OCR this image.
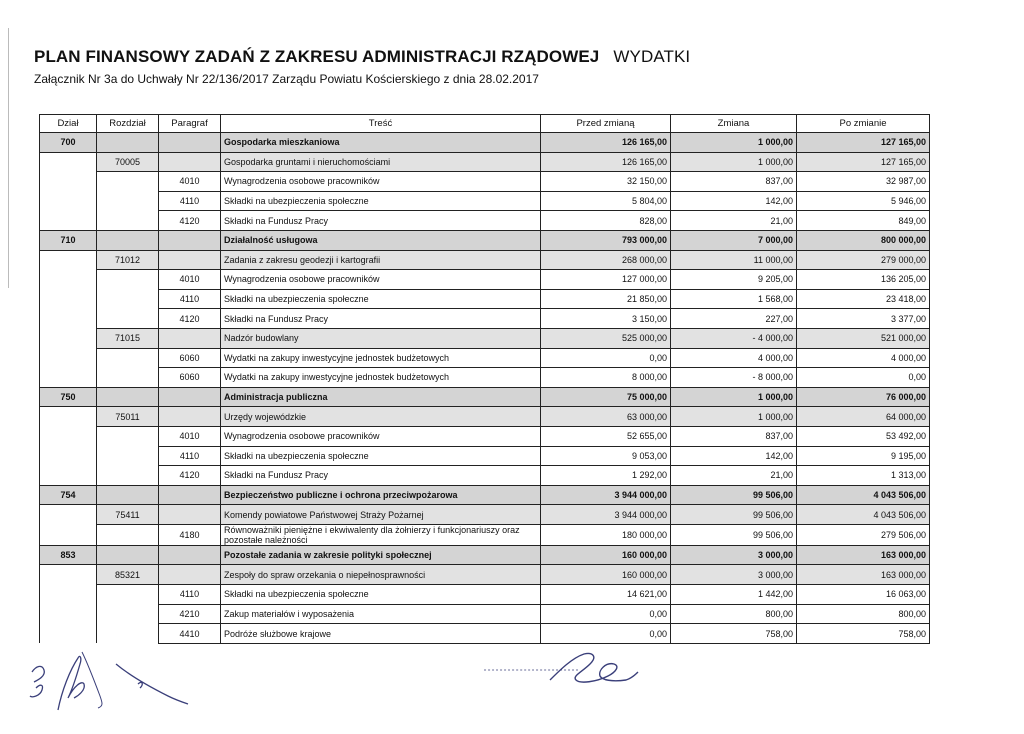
PLAN FINANSOWY ZADAŃ Z ZAKRESU ADMINISTRACJI RZĄDOWEJ WYDATKI
Załącznik Nr 3a do Uchwały Nr 22/136/2017 Zarządu Powiatu Kościerskiego z dnia 28.02.2017
Dział	Rozdział	Paragraf	Treść	Przed zmianą	Zmiana	Po zmianie
700			Gospodarka mieszkaniowa	126 165,00	1 000,00	127 165,00
	70005		Gospodarka gruntami i nieruchomościami	126 165,00	1 000,00	127 165,00
		4010	Wynagrodzenia osobowe pracowników	32 150,00	837,00	32 987,00
		4110	Składki na ubezpieczenia społeczne	5 804,00	142,00	5 946,00
		4120	Składki na Fundusz Pracy	828,00	21,00	849,00
710			Działalność usługowa	793 000,00	7 000,00	800 000,00
	71012		Zadania z zakresu geodezji i kartografii	268 000,00	11 000,00	279 000,00
		4010	Wynagrodzenia osobowe pracowników	127 000,00	9 205,00	136 205,00
		4110	Składki na ubezpieczenia społeczne	21 850,00	1 568,00	23 418,00
		4120	Składki na Fundusz Pracy	3 150,00	227,00	3 377,00
	71015		Nadzór budowlany	525 000,00	- 4 000,00	521 000,00
		6060	Wydatki na zakupy inwestycyjne jednostek budżetowych	0,00	4 000,00	4 000,00
		6060	Wydatki na zakupy inwestycyjne jednostek budżetowych	8 000,00	- 8 000,00	0,00
750			Administracja publiczna	75 000,00	1 000,00	76 000,00
	75011		Urzędy wojewódzkie	63 000,00	1 000,00	64 000,00
		4010	Wynagrodzenia osobowe pracowników	52 655,00	837,00	53 492,00
		4110	Składki na ubezpieczenia społeczne	9 053,00	142,00	9 195,00
		4120	Składki na Fundusz Pracy	1 292,00	21,00	1 313,00
754			Bezpieczeństwo publiczne i ochrona przeciwpożarowa	3 944 000,00	99 506,00	4 043 506,00
	75411		Komendy powiatowe Państwowej Straży Pożarnej	3 944 000,00	99 506,00	4 043 506,00
		4180	Równoważniki pieniężne i ekwiwalenty dla żołnierzy i funkcjonariuszy oraz pozostałe należności	180 000,00	99 506,00	279 506,00
853			Pozostałe zadania w zakresie polityki społecznej	160 000,00	3 000,00	163 000,00
	85321		Zespoły do spraw orzekania o niepełnosprawności	160 000,00	3 000,00	163 000,00
		4110	Składki na ubezpieczenia społeczne	14 621,00	1 442,00	16 063,00
		4210	Zakup materiałów i wyposażenia	0,00	800,00	800,00
		4410	Podróże służbowe krajowe	0,00	758,00	758,00
